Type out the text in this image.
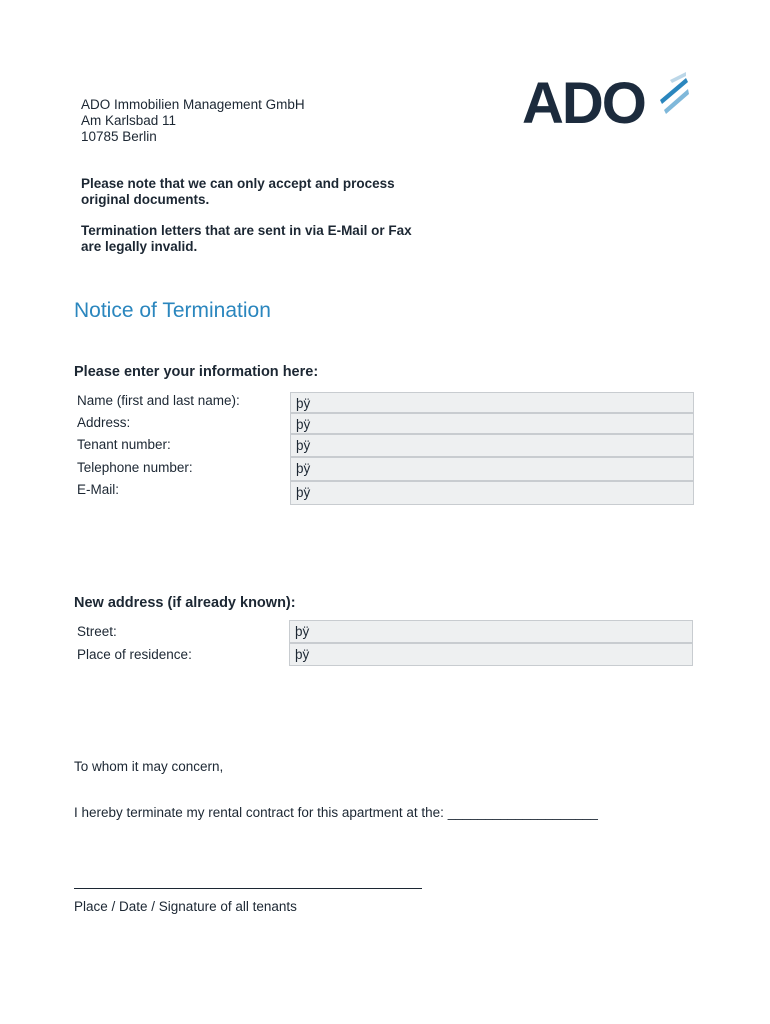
ADO Immobilien Management GmbH
Am Karlsbad 11
10785 Berlin
ADO
Please note that we can only accept and process
original documents.
Termination letters that are sent in via E-Mail or Fax
are legally invalid.
Notice of Termination
Please enter your information here:
Name (first and last name):
Address:
Tenant number:
Telephone number:
E-Mail:
þÿ
þÿ
þÿ
þÿ
þÿ
New address (if already known):
Street:
Place of residence:
þÿ
þÿ
To whom it may concern,
I hereby terminate my rental contract for this apartment at the: ____________________
Place / Date / Signature of all tenants
